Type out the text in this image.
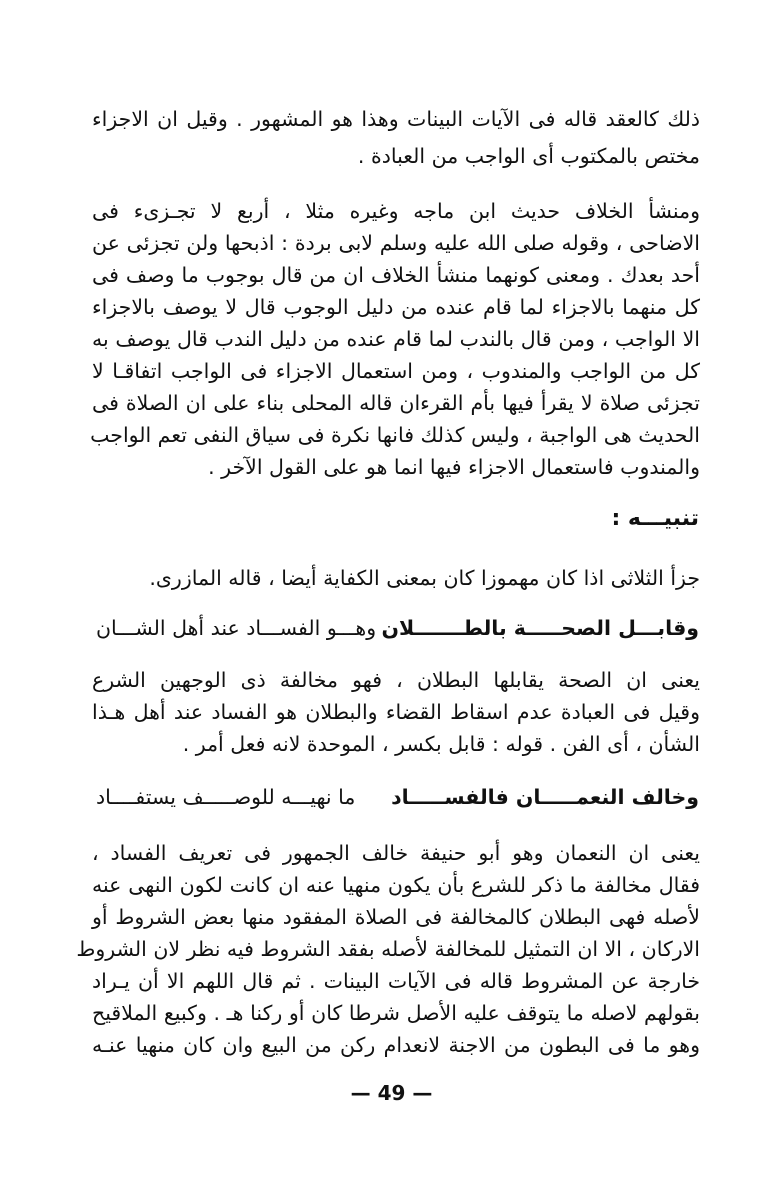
ذلك كالعقد قاله فى الآيات البينات وهذا هو المشهور . وقيل ان الاجزاء
مختص بالمكتوب أى الواجب من العبادة .
ومنشأ الخلاف حديث ابن ماجه وغيره مثلا ، أربع لا تجـزىء فى
الاضاحى ، وقوله صلى الله عليه وسلم لابى بردة : اذبحها ولن تجزئى عن
أحد بعدك . ومعنى كونهما منشأ الخلاف ان من قال بوجوب ما وصف فى
كل منهما بالاجزاء لما قام عنده من دليل الوجوب قال لا يوصف بالاجزاء
الا الواجب ، ومن قال بالندب لما قام عنده من دليل الندب قال يوصف به
كل من الواجب والمندوب ، ومن استعمال الاجزاء فى الواجب اتفاقـا لا
تجزئى صلاة لا يقرأ فيها بأم القرءان قاله المحلى بناء على ان الصلاة فى
الحديث هى الواجبة ، وليس كذلك فانها نكرة فى سياق النفى تعم الواجب
والمندوب فاستعمال الاجزاء فيها انما هو على القول الآخر .
تنبيـــه :
جزأ الثلاثى اذا كان مهموزا كان بمعنى الكفاية أيضا ، قاله المازرى.
وقابـــل الصحـــــة بالطـــــــلان
وهـــو الفســـاد عند أهل الشـــان
يعنى ان الصحة يقابلها البطلان ، فهو مخالفة ذى الوجهين الشرع
وقيل فى العبادة عدم اسقاط القضاء والبطلان هو الفساد عند أهل هـذا
الشأن ، أى الفن . قوله : قابل بكسر ، الموحدة لانه فعل أمر .
وخالف النعمـــــان فالفســـــاد
ما نهيـــه للوصـــــف يستفــــاد
يعنى ان النعمان وهو أبو حنيفة خالف الجمهور فى تعريف الفساد ،
فقال مخالفة ما ذكر للشرع بأن يكون منهيا عنه ان كانت لكون النهى عنه
لأصله فهى البطلان كالمخالفة فى الصلاة المفقود منها بعض الشروط أو
الاركان ، الا ان التمثيل للمخالفة لأصله بفقد الشروط فيه نظر لان الشروط
خارجة عن المشروط قاله فى الآيات البينات . ثم قال اللهم الا أن يـراد
بقولهم لاصله ما يتوقف عليه الأصل شرطا كان أو ركنا هـ . وكبيع الملاقيح
وهو ما فى البطون من الاجنة لانعدام ركن من البيع وان كان منهيا عنـه
— 49 —
